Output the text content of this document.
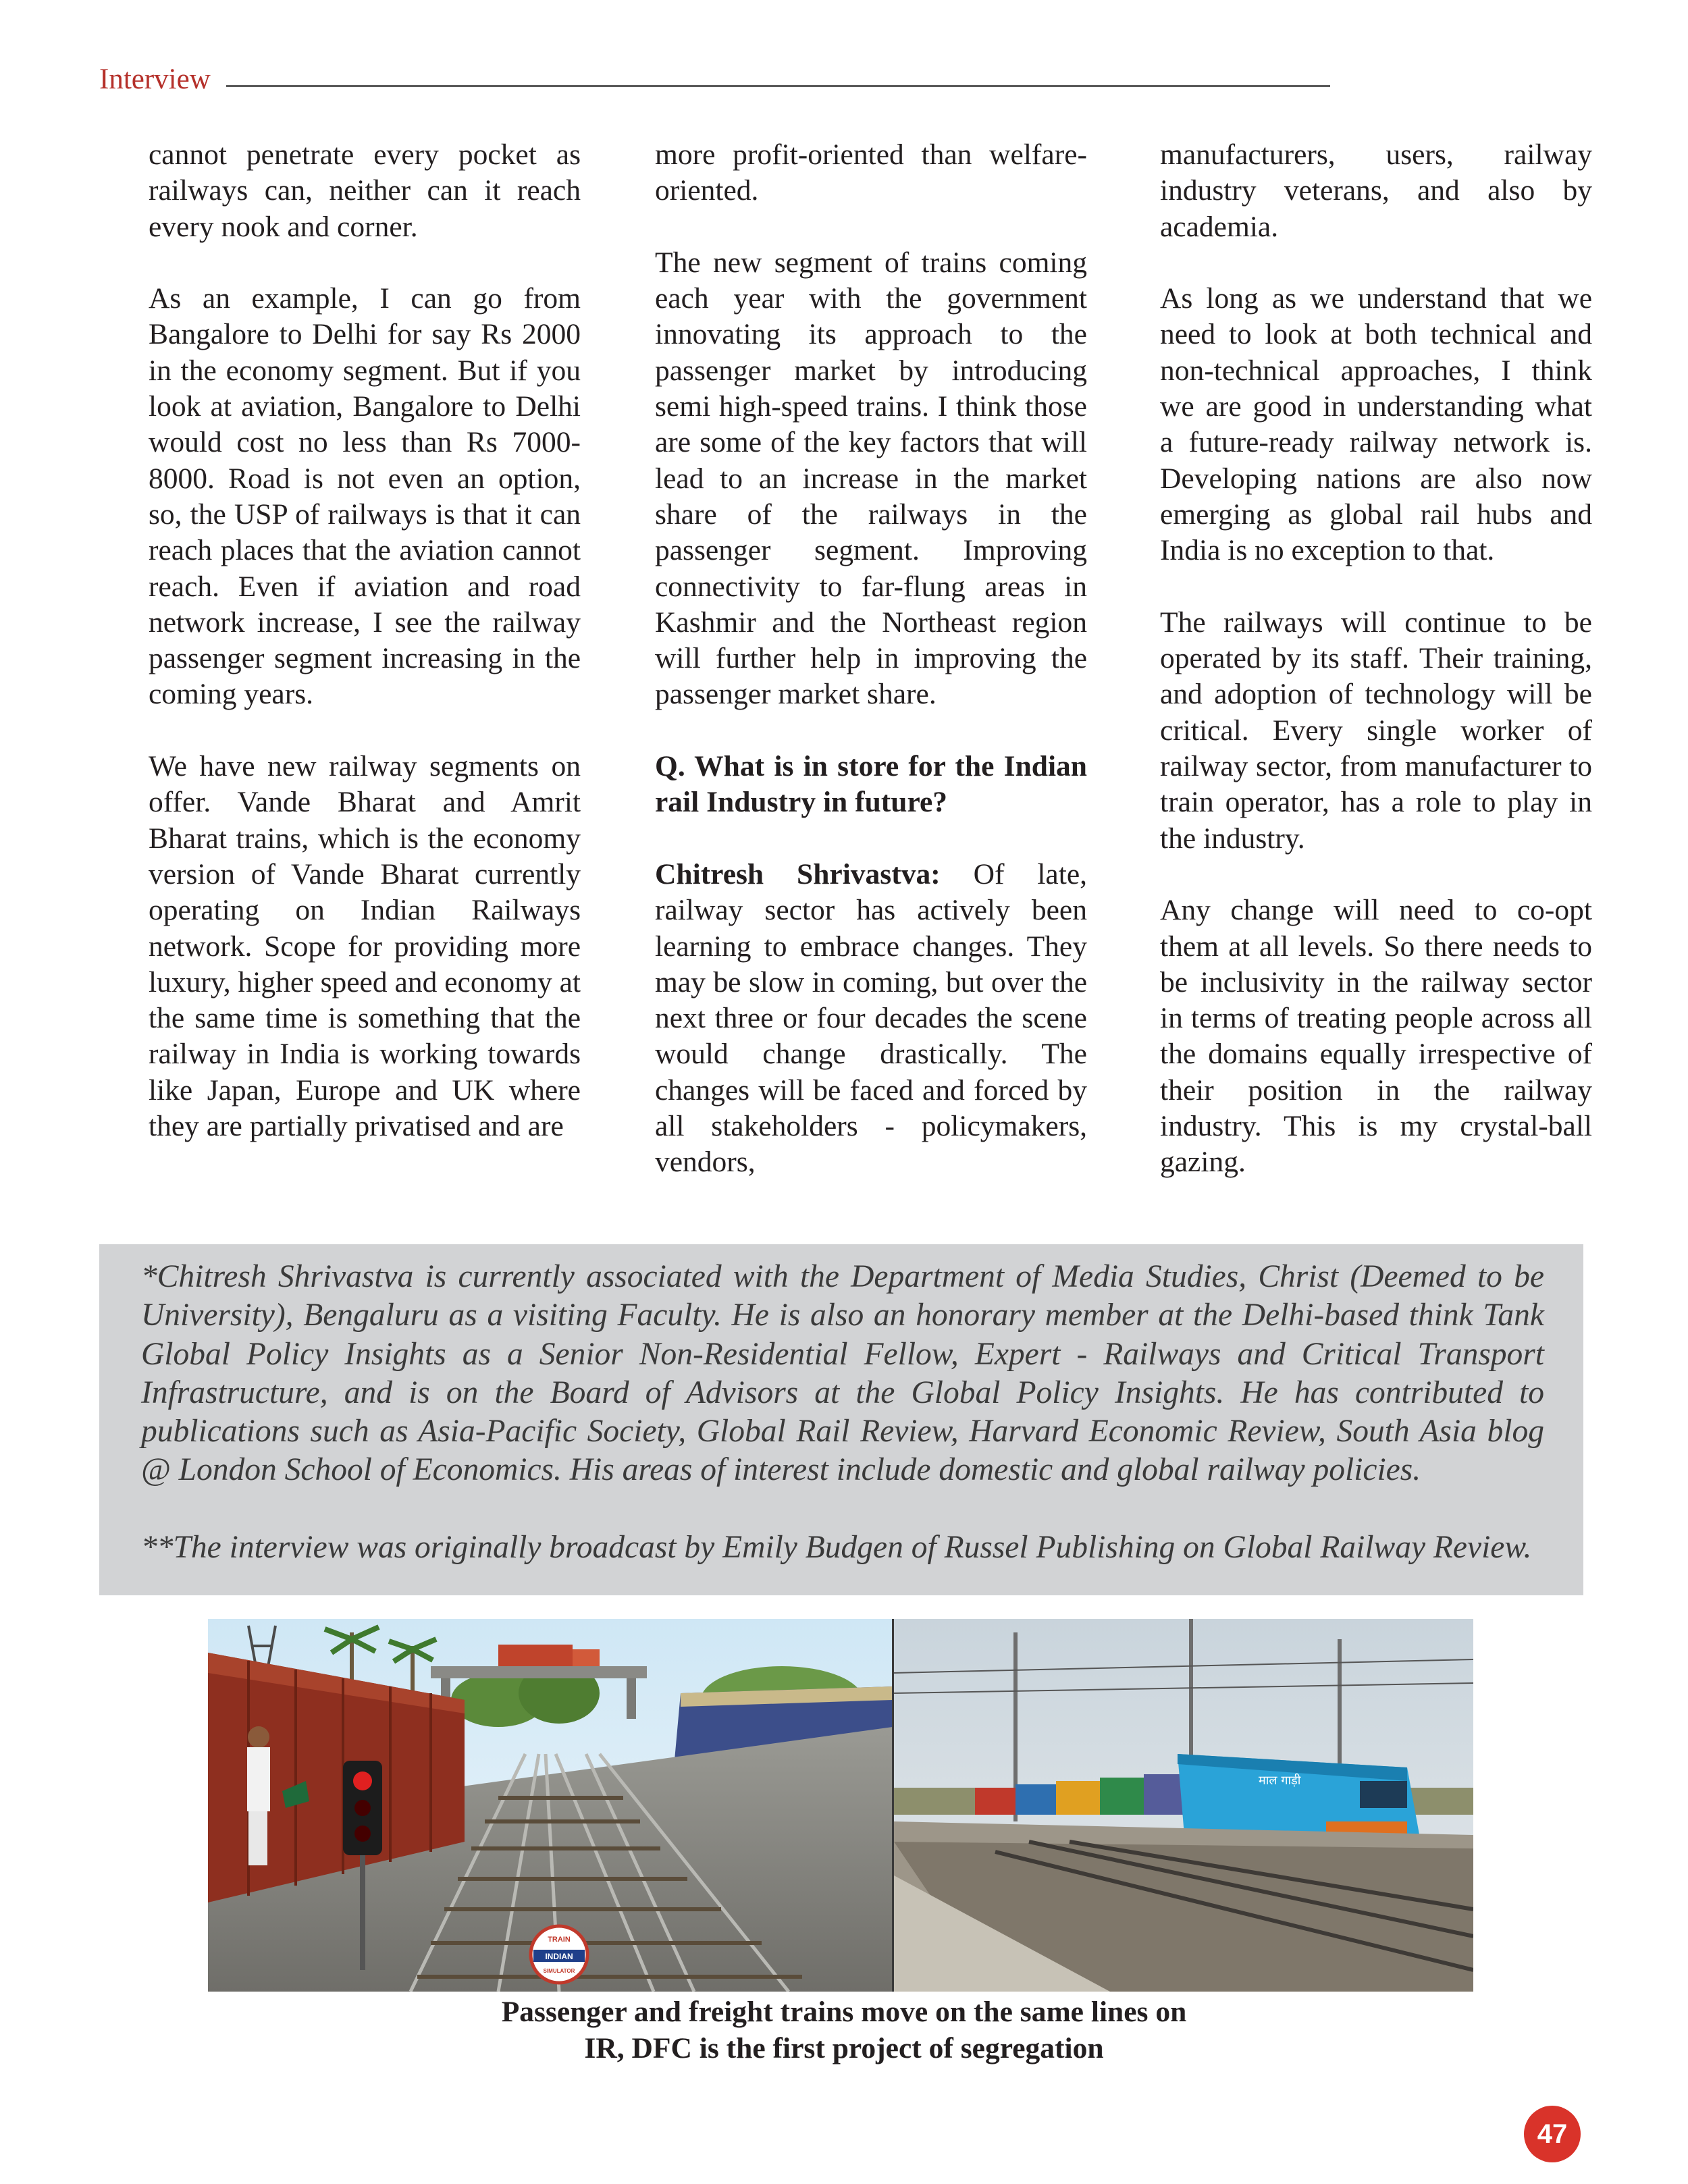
Interview

cannot penetrate every pocket as railways can, neither can it reach every nook and corner.

As an example, I can go from Bangalore to Delhi for say Rs 2000 in the economy segment. But if you look at aviation, Bangalore to Delhi would cost no less than Rs 7000-8000. Road is not even an option, so, the USP of railways is that it can reach places that the aviation cannot reach. Even if aviation and road network increase, I see the railway passenger segment increasing in the coming years.

We have new railway segments on offer. Vande Bharat and Amrit Bharat trains, which is the economy version of Vande Bharat currently operating on Indian Railways network. Scope for providing more luxury, higher speed and economy at the same time is something that the railway in India is working towards like Japan, Europe and UK where they are partially privatised and are

more profit-oriented than welfare-oriented.

The new segment of trains coming each year with the government innovating its approach to the passenger market by introducing semi high-speed trains. I think those are some of the key factors that will lead to an increase in the market share of the railways in the passenger segment. Improving connectivity to far-flung areas in Kashmir and the Northeast region will further help in improving the passenger market share.

Q. What is in store for the Indian rail Industry in future?

Chitresh Shrivastva: Of late, railway sector has actively been learning to embrace changes. They may be slow in coming, but over the next three or four decades the scene would change drastically. The changes will be faced and forced by all stakeholders - policymakers, vendors,

manufacturers, users, railway industry veterans, and also by academia.

As long as we understand that we need to look at both technical and non-technical approaches, I think we are good in understanding what a future-ready railway network is. Developing nations are also now emerging as global rail hubs and India is no exception to that.

The railways will continue to be operated by its staff. Their training, and adoption of technology will be critical. Every single worker of railway sector, from manufacturer to train operator, has a role to play in the industry.

Any change will need to co-opt them at all levels. So there needs to be inclusivity in the railway sector in terms of treating people across all the domains equally irrespective of their position in the railway industry. This is my crystal-ball gazing.

*Chitresh Shrivastva is currently associated with the Department of Media Studies, Christ (Deemed to be University), Bengaluru as a visiting Faculty. He is also an honorary member at the Delhi-based think Tank Global Policy Insights as a Senior Non-Residential Fellow, Expert - Railways and Critical Transport Infrastructure, and is on the Board of Advisors at the Global Policy Insights. He has contributed to publications such as Asia-Pacific Society, Global Rail Review, Harvard Economic Review, South Asia blog @ London School of Economics. His areas of interest include domestic and global railway policies.

**The interview was originally broadcast by Emily Budgen of Russel Publishing on Global Railway Review.

TRAIN
INDIAN
SIMULATOR
माल गाड़ी
Passenger and freight trains move on the same lines on
IR, DFC is the first project of segregation
47
